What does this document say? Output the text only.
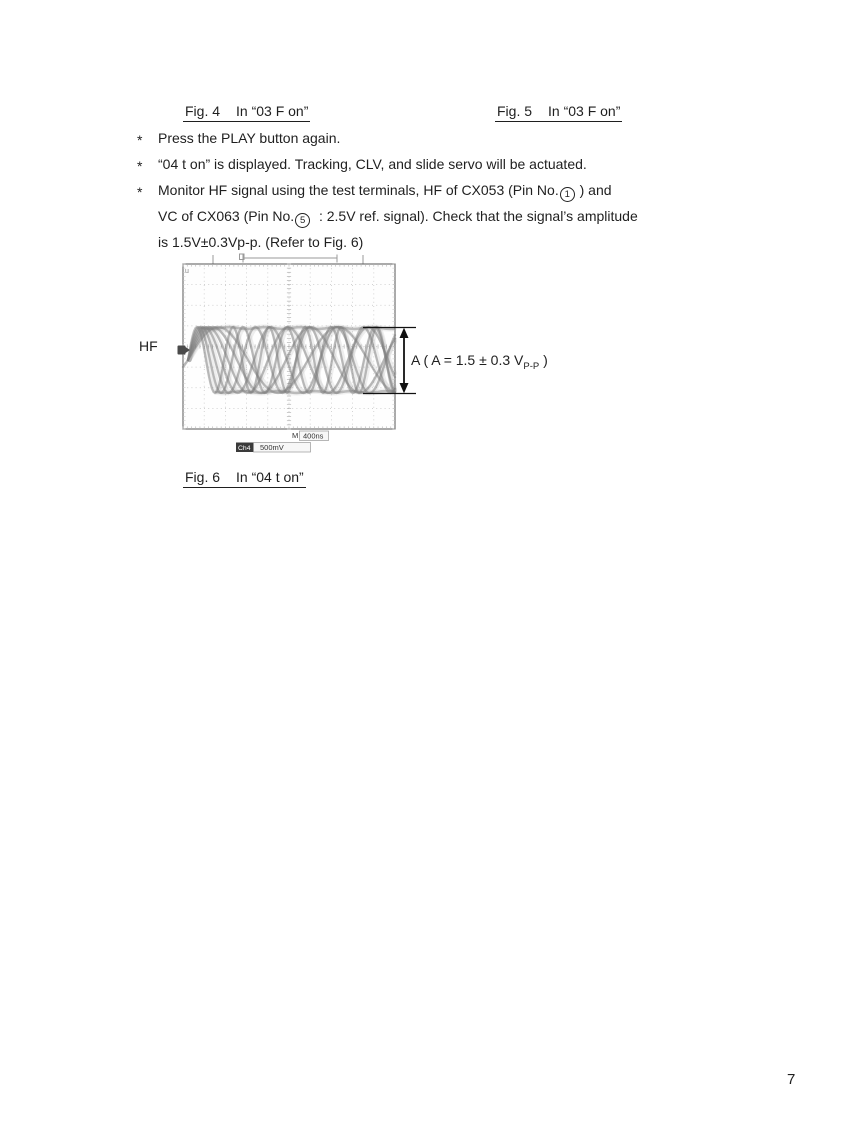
Fig. 4 In “03 F on”	Fig. 5 In “03 F on”
* Press the PLAY button again.
* “04 t on” is displayed. Tracking, CLV, and slide servo will be actuated.
* Monitor HF signal using the test terminals, HF of CX053 (Pin No. 1 ) and
VC of CX063 (Pin No. 5  : 2.5V ref. signal). Check that the signal’s amplitude
is 1.5V±0.3Vp-p. (Refer to Fig. 6)
HF
u
M 400ns
Ch4 500mV
A ( A = 1.5 ± 0.3 $V_{P-P}$ )
Fig. 6 In “04 t on”
7
